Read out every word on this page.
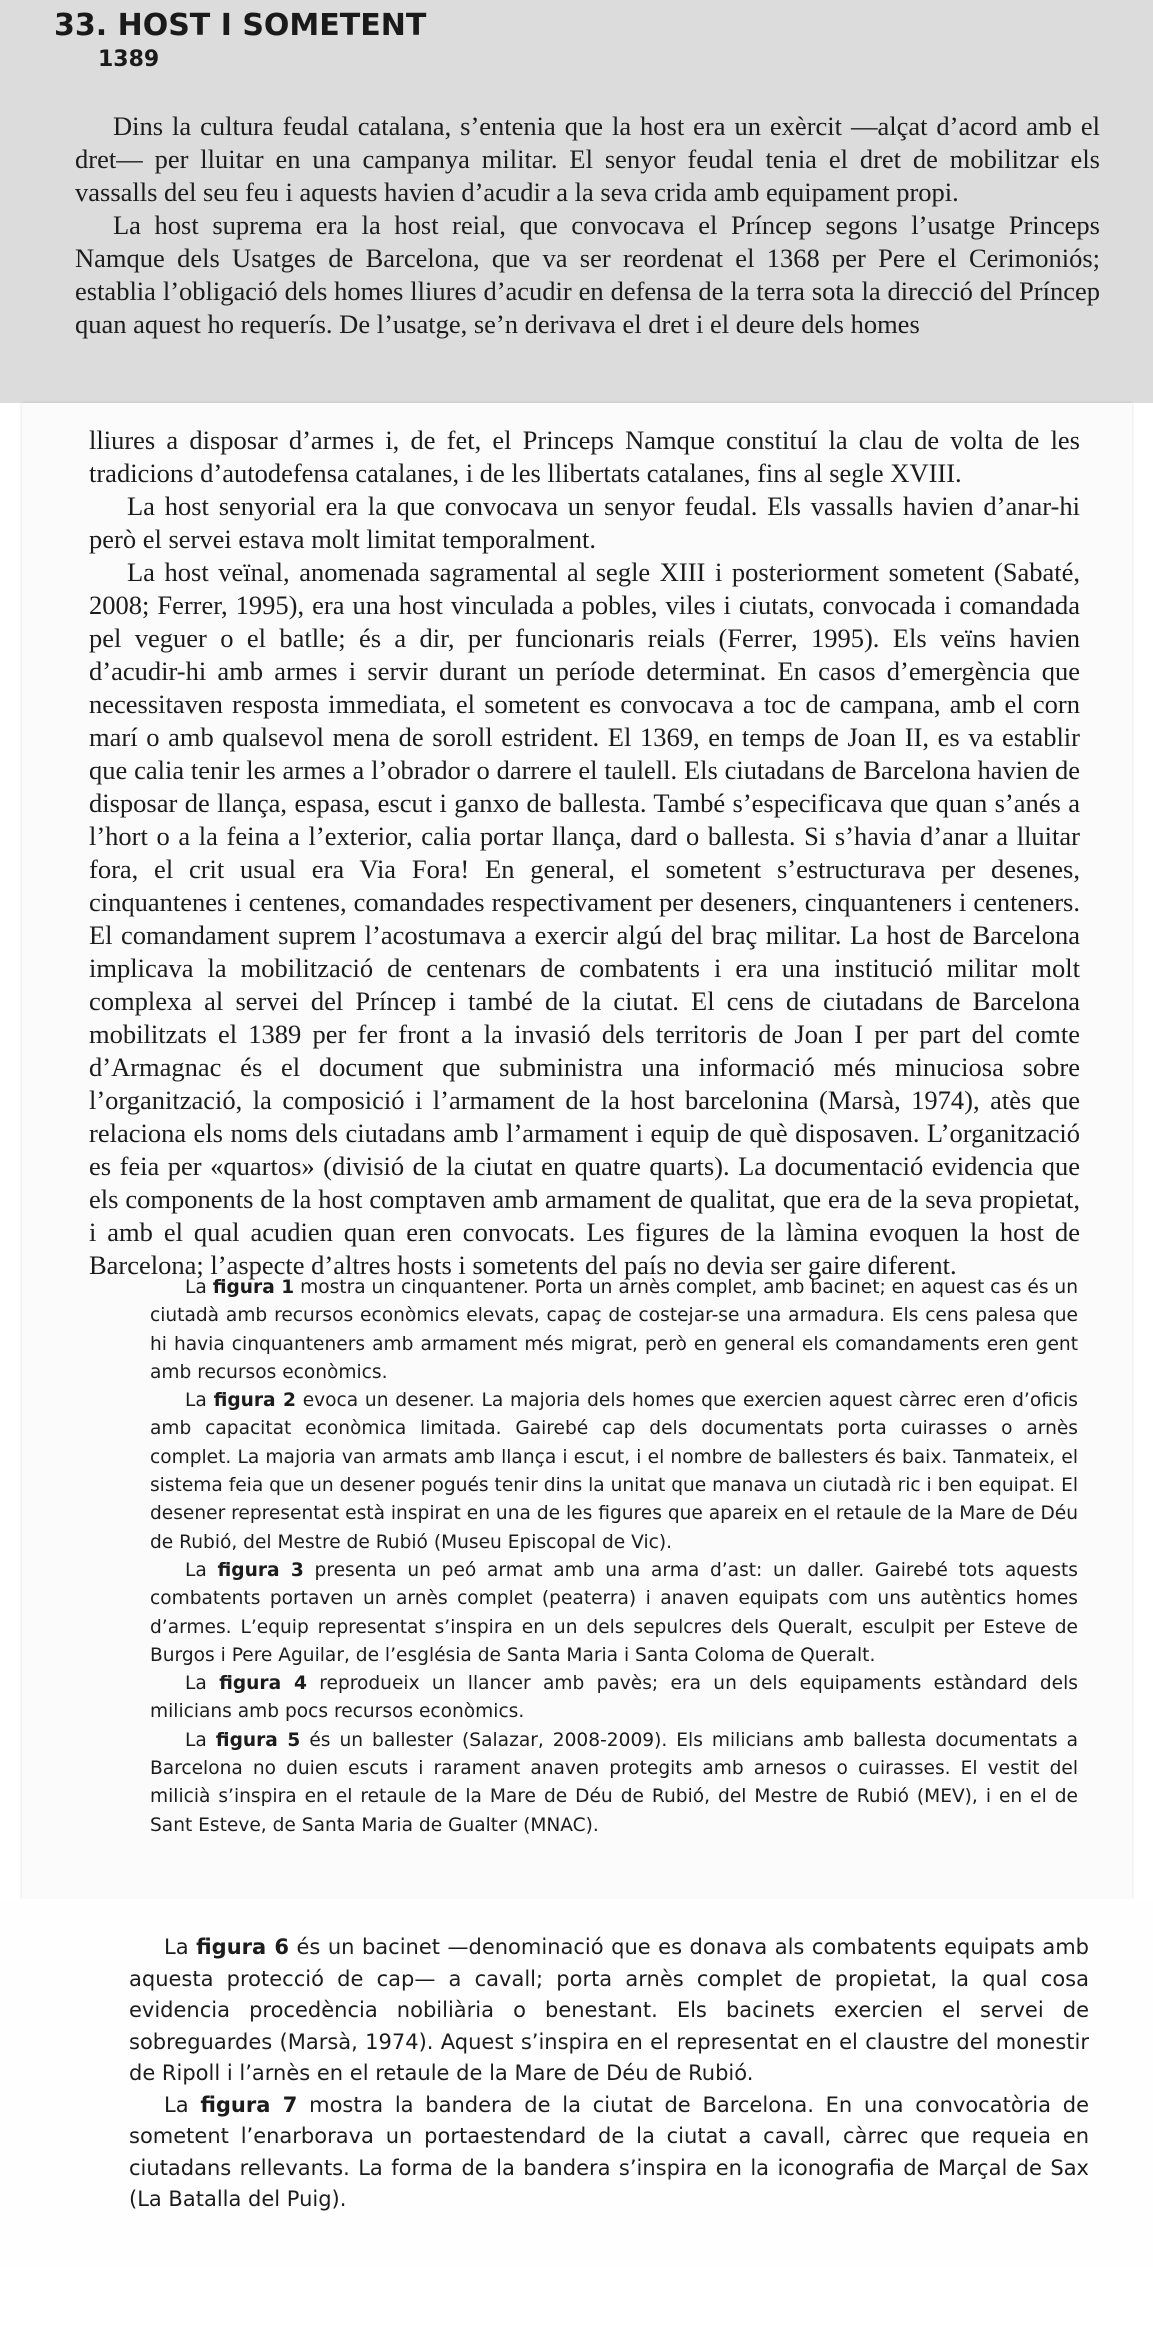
33. HOST I SOMETENT
1389

Dins la cultura feudal catalana, s’entenia que la host era un exèrcit —alçat d’acord amb el dret— per lluitar en una campanya militar. El senyor feudal tenia el dret de mobilitzar els vassalls del seu feu i aquests havien d’acudir a la seva crida amb equipament propi.

La host suprema era la host reial, que convocava el Príncep segons l’usatge Princeps Namque dels Usatges de Barcelona, que va ser reordenat el 1368 per Pere el Cerimoniós; establia l’obligació dels homes lliures d’acudir en defensa de la terra sota la direcció del Príncep quan aquest ho requerís. De l’usatge, se’n derivava el dret i el deure dels homes

lliures a disposar d’armes i, de fet, el Princeps Namque constituí la clau de volta de les tradicions d’autodefensa catalanes, i de les llibertats catalanes, fins al segle XVIII.

La host senyorial era la que convocava un senyor feudal. Els vassalls havien d’anar-hi però el servei estava molt limitat temporalment.

La host veïnal, anomenada sagramental al segle XIII i posteriorment sometent (Sabaté, 2008; Ferrer, 1995), era una host vinculada a pobles, viles i ciutats, convocada i comandada pel veguer o el batlle; és a dir, per funcionaris reials (Ferrer, 1995). Els veïns havien d’acudir-hi amb armes i servir durant un període determinat. En casos d’emergència que necessitaven resposta immediata, el sometent es convocava a toc de campana, amb el corn marí o amb qualsevol mena de soroll estrident. El 1369, en temps de Joan II, es va establir que calia tenir les armes a l’obrador o darrere el taulell. Els ciutadans de Barcelona havien de disposar de llança, espasa, escut i ganxo de ballesta. També s’especificava que quan s’anés a l’hort o a la feina a l’exterior, calia portar llança, dard o ballesta. Si s’havia d’anar a lluitar fora, el crit usual era Via Fora! En general, el sometent s’estructurava per desenes, cinquantenes i centenes, comandades respectivament per deseners, cinquanteners i centeners. El comandament suprem l’acostumava a exercir algú del braç militar. La host de Barcelona implicava la mobilització de centenars de combatents i era una institució militar molt complexa al servei del Príncep i també de la ciutat. El cens de ciutadans de Barcelona mobilitzats el 1389 per fer front a la invasió dels territoris de Joan I per part del comte d’Armagnac és el document que subministra una informació més minuciosa sobre l’organització, la composició i l’armament de la host barcelonina (Marsà, 1974), atès que relaciona els noms dels ciutadans amb l’armament i equip de què disposaven. L’organització es feia per «quartos» (divisió de la ciutat en quatre quarts). La documentació evidencia que els components de la host comptaven amb armament de qualitat, que era de la seva propietat, i amb el qual acudien quan eren convocats. Les figures de la làmina evoquen la host de Barcelona; l’aspecte d’altres hosts i sometents del país no devia ser gaire diferent.

La figura 1 mostra un cinquantener. Porta un arnès complet, amb bacinet; en aquest cas és un ciutadà amb recursos econòmics elevats, capaç de costejar-se una armadura. Els cens palesa que hi havia cinquanteners amb armament més migrat, però en general els comandaments eren gent amb recursos econòmics.

La figura 2 evoca un desener. La majoria dels homes que exercien aquest càrrec eren d’oficis amb capacitat econòmica limitada. Gairebé cap dels documentats porta cuirasses o arnès complet. La majoria van armats amb llança i escut, i el nombre de ballesters és baix. Tanmateix, el sistema feia que un desener pogués tenir dins la unitat que manava un ciutadà ric i ben equipat. El desener representat està inspirat en una de les figures que apareix en el retaule de la Mare de Déu de Rubió, del Mestre de Rubió (Museu Episcopal de Vic).

La figura 3 presenta un peó armat amb una arma d’ast: un daller. Gairebé tots aquests combatents portaven un arnès complet (peaterra) i anaven equipats com uns autèntics homes d’armes. L’equip representat s’inspira en un dels sepulcres dels Queralt, esculpit per Esteve de Burgos i Pere Aguilar, de l’església de Santa Maria i Santa Coloma de Queralt.

La figura 4 reprodueix un llancer amb pavès; era un dels equipaments estàndard dels milicians amb pocs recursos econòmics.

La figura 5 és un ballester (Salazar, 2008-2009). Els milicians amb ballesta documentats a Barcelona no duien escuts i rarament anaven protegits amb arnesos o cuirasses. El vestit del milicià s’inspira en el retaule de la Mare de Déu de Rubió, del Mestre de Rubió (MEV), i en el de Sant Esteve, de Santa Maria de Gualter (MNAC).

La figura 6 és un bacinet —denominació que es donava als combatents equipats amb aquesta protecció de cap— a cavall; porta arnès complet de propietat, la qual cosa evidencia procedència nobiliària o benestant. Els bacinets exercien el servei de sobreguardes (Marsà, 1974). Aquest s’inspira en el representat en el claustre del monestir de Ripoll i l’arnès en el retaule de la Mare de Déu de Rubió.

La figura 7 mostra la bandera de la ciutat de Barcelona. En una convocatòria de sometent l’enarborava un portaestendard de la ciutat a cavall, càrrec que requeia en ciutadans rellevants. La forma de la bandera s’inspira en la iconografia de Marçal de Sax (La Batalla del Puig).
